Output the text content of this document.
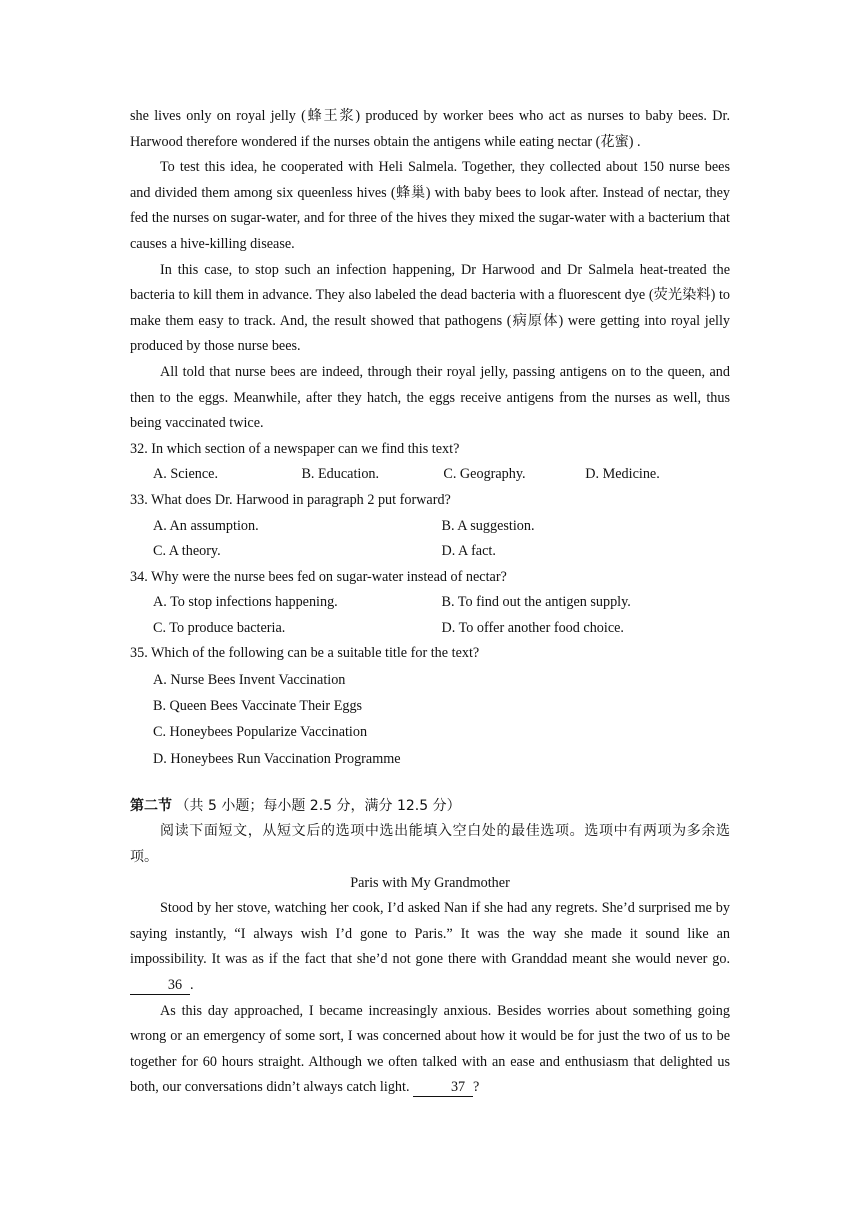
she lives only on royal jelly (蜂王浆) produced by worker bees who act as nurses to baby bees. Dr. Harwood therefore wondered if the nurses obtain the antigens while eating nectar (花蜜) .

To test this idea, he cooperated with Heli Salmela. Together, they collected about 150 nurse bees and divided them among six queenless hives (蜂巢) with baby bees to look after. Instead of nectar, they fed the nurses on sugar-water, and for three of the hives they mixed the sugar-water with a bacterium that causes a hive-killing disease.

In this case, to stop such an infection happening, Dr Harwood and Dr Salmela heat-treated the bacteria to kill them in advance. They also labeled the dead bacteria with a fluorescent dye (荧光染料) to make them easy to track. And, the result showed that pathogens (病原体) were getting into royal jelly produced by those nurse bees.

All told that nurse bees are indeed, through their royal jelly, passing antigens on to the queen, and then to the eggs. Meanwhile, after they hatch, the eggs receive antigens from the nurses as well, thus being vaccinated twice.

32. In which section of a newspaper can we find this text?
A. Science.	B. Education.	C. Geography.	D. Medicine.
33. What does Dr. Harwood in paragraph 2 put forward?
A. An assumption.	B. A suggestion.
C. A theory.	D. A fact.
34. Why were the nurse bees fed on sugar-water instead of nectar?
A. To stop infections happening.	B. To find out the antigen supply.
C. To produce bacteria.	D. To offer another food choice.
35. Which of the following can be a suitable title for the text?
A. Nurse Bees Invent Vaccination
B. Queen Bees Vaccinate Their Eggs
C. Honeybees Popularize Vaccination
D. Honeybees Run Vaccination Programme
第二节 （共 5 小题；每小题 2.5 分，满分 12.5 分）

阅读下面短文，从短文后的选项中选出能填入空白处的最佳选项。选项中有两项为多余选项。

Paris with My Grandmother

Stood by her stove, watching her cook, I’d asked Nan if she had any regrets. She’d surprised me by saying instantly, “I always wish I’d gone to Paris.” It was the way she made it sound like an impossibility. It was as if the fact that she’d not gone there with Granddad meant she would never go. 36 .

As this day approached, I became increasingly anxious. Besides worries about something going wrong or an emergency of some sort, I was concerned about how it would be for just the two of us to be together for 60 hours straight. Although we often talked with an ease and enthusiasm that delighted us both, our conversations didn’t always catch light.	37 ?
